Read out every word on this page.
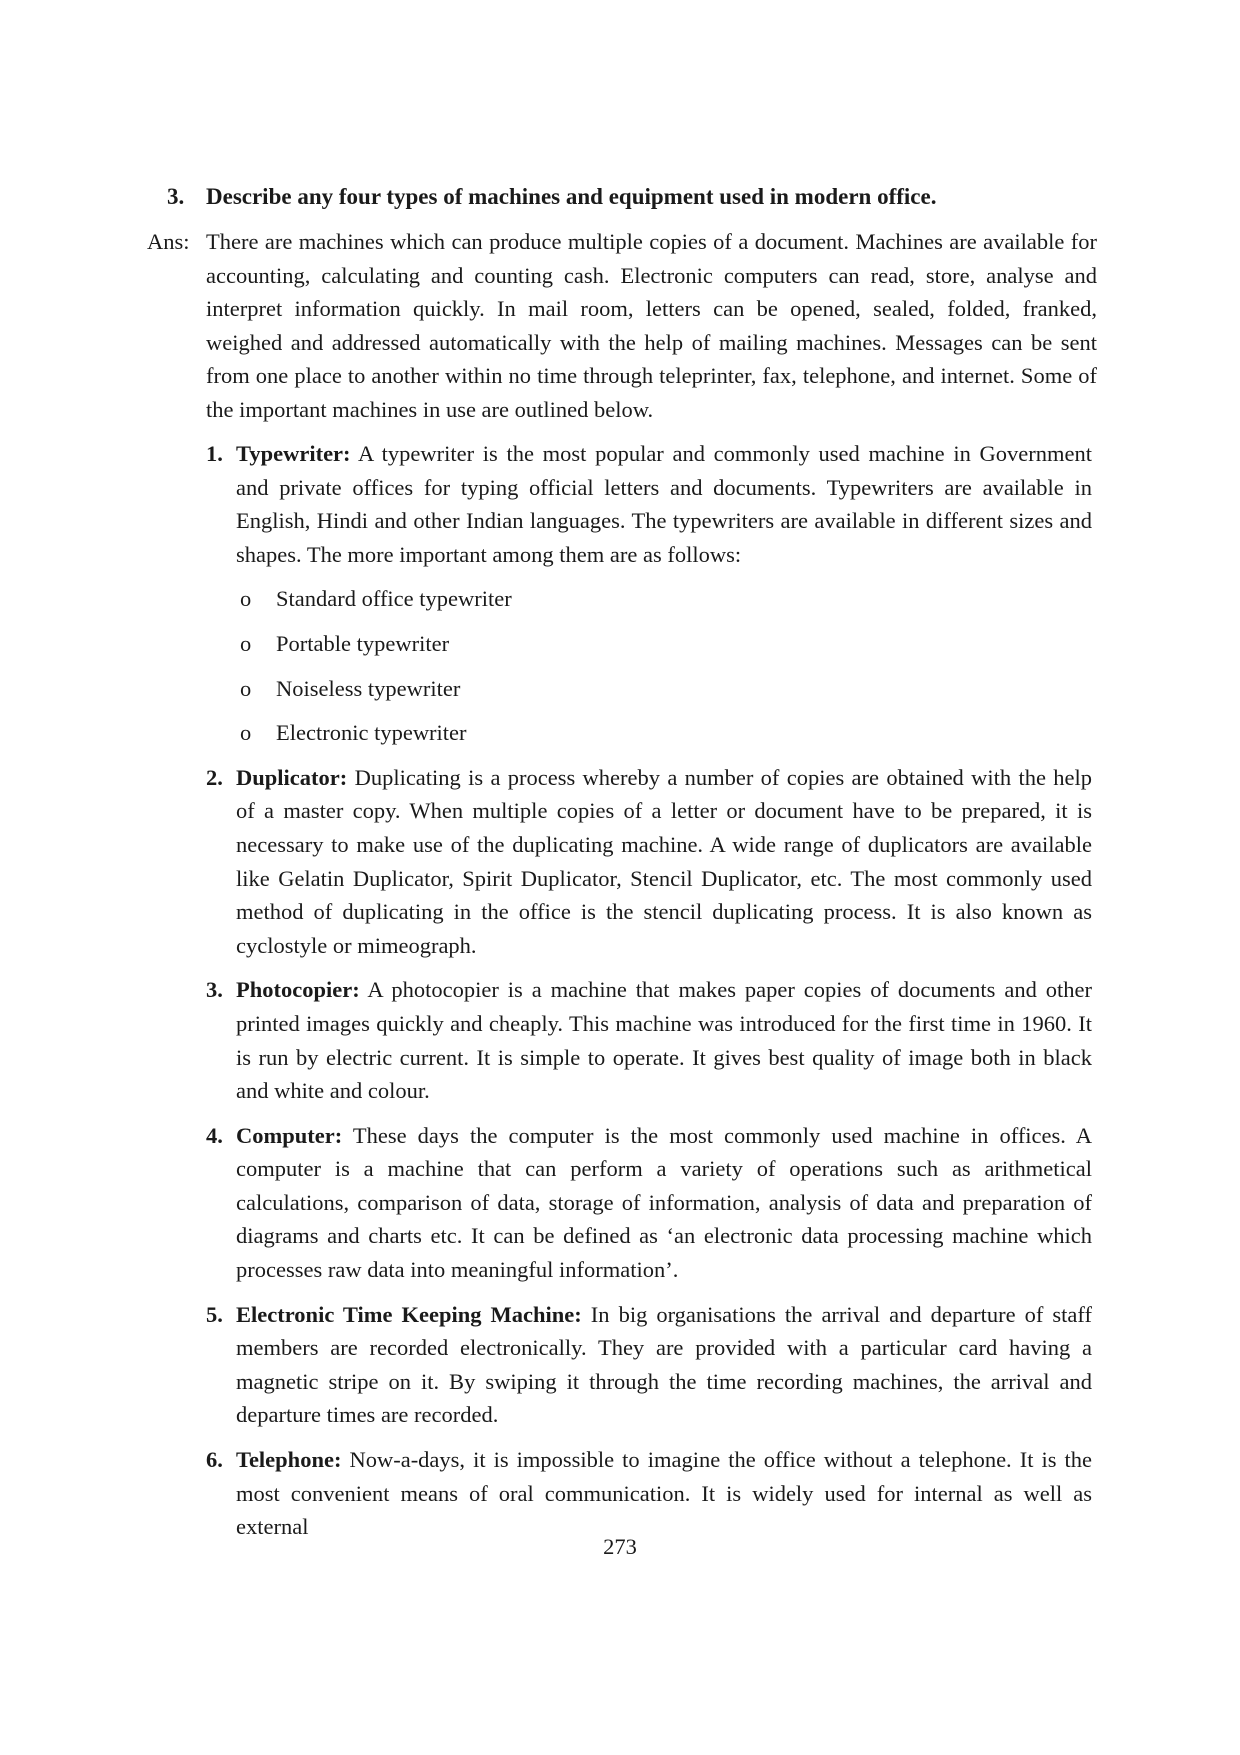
3. Describe any four types of machines and equipment used in modern office.
Ans: There are machines which can produce multiple copies of a document. Machines are available for accounting, calculating and counting cash. Electronic computers can read, store, analyse and interpret information quickly. In mail room, letters can be opened, sealed, folded, franked, weighed and addressed automatically with the help of mailing machines. Messages can be sent from one place to another within no time through teleprinter, fax, telephone, and internet. Some of the important machines in use are outlined below.
1. Typewriter: A typewriter is the most popular and commonly used machine in Government and private offices for typing official letters and documents. Typewriters are available in English, Hindi and other Indian languages. The typewriters are available in different sizes and shapes. The more important among them are as follows:
o Standard office typewriter
o Portable typewriter
o Noiseless typewriter
o Electronic typewriter
2. Duplicator: Duplicating is a process whereby a number of copies are obtained with the help of a master copy. When multiple copies of a letter or document have to be prepared, it is necessary to make use of the duplicating machine. A wide range of duplicators are available like Gelatin Duplicator, Spirit Duplicator, Stencil Duplicator, etc. The most commonly used method of duplicating in the office is the stencil duplicating process. It is also known as cyclostyle or mimeograph.
3. Photocopier: A photocopier is a machine that makes paper copies of documents and other printed images quickly and cheaply. This machine was introduced for the first time in 1960. It is run by electric current. It is simple to operate. It gives best quality of image both in black and white and colour.
4. Computer: These days the computer is the most commonly used machine in offices. A computer is a machine that can perform a variety of operations such as arithmetical calculations, comparison of data, storage of information, analysis of data and preparation of diagrams and charts etc. It can be defined as ‘an electronic data processing machine which processes raw data into meaningful information’.
5. Electronic Time Keeping Machine: In big organisations the arrival and departure of staff members are recorded electronically. They are provided with a particular card having a magnetic stripe on it. By swiping it through the time recording machines, the arrival and departure times are recorded.
6. Telephone: Now-a-days, it is impossible to imagine the office without a telephone. It is the most convenient means of oral communication. It is widely used for internal as well as external
273
